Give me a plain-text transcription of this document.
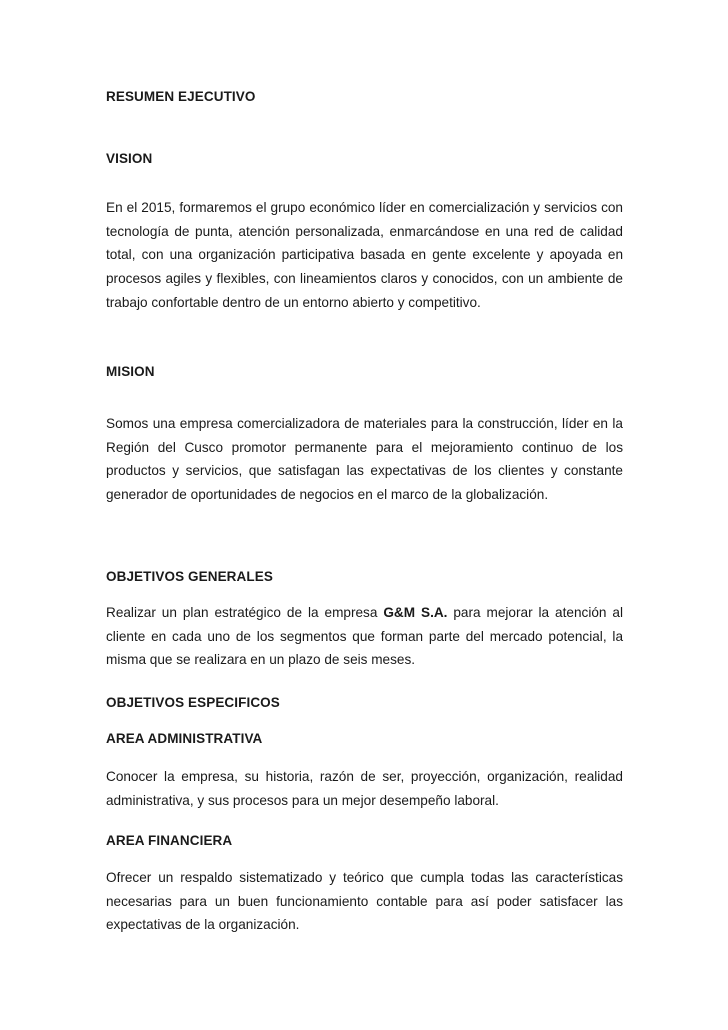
RESUMEN EJECUTIVO
VISION
En el 2015, formaremos el grupo económico líder en comercialización y servicios con tecnología de punta, atención personalizada, enmarcándose en una red de calidad total, con una organización participativa basada en gente excelente y apoyada en procesos agiles y flexibles, con lineamientos claros y conocidos, con un ambiente de trabajo confortable dentro de un entorno abierto y competitivo.
MISION
Somos una empresa comercializadora de materiales para la construcción, líder en la Región del Cusco promotor permanente para el mejoramiento continuo de los productos y servicios, que satisfagan las expectativas de los clientes y constante generador de oportunidades de negocios en el marco de la globalización.
OBJETIVOS GENERALES
Realizar un plan estratégico de la empresa G&M S.A. para mejorar la atención al cliente en cada uno de los segmentos que forman parte del mercado potencial, la misma que se realizara en un plazo de seis meses.
OBJETIVOS ESPECIFICOS
AREA ADMINISTRATIVA
Conocer la empresa, su historia, razón de ser, proyección, organización, realidad administrativa, y sus procesos para un mejor desempeño laboral.
AREA FINANCIERA
Ofrecer un respaldo sistematizado y teórico que cumpla todas las características necesarias para un buen funcionamiento contable para así poder satisfacer las expectativas de la organización.
